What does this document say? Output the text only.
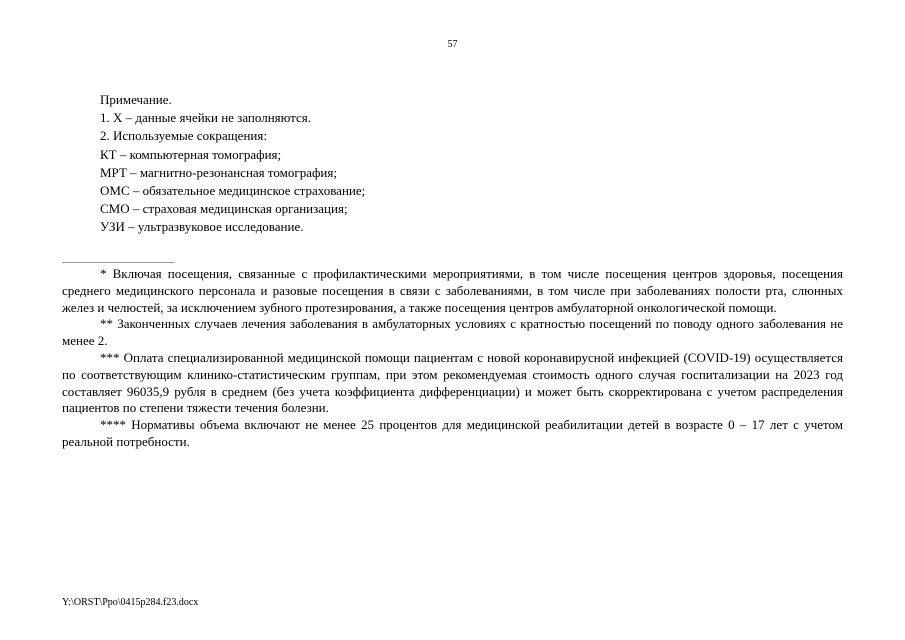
57
Примечание.
1. Х – данные ячейки не заполняются.
2. Используемые сокращения:
КТ – компьютерная томография;
МРТ – магнитно-резонансная томография;
ОМС – обязательное медицинское страхование;
СМО – страховая медицинская организация;
УЗИ – ультразвуковое исследование.

* Включая посещения, связанные с профилактическими мероприятиями, в том числе посещения центров здоровья, посещения среднего медицинского персонала и разовые посещения в связи с заболеваниями, в том числе при заболеваниях полости рта, слюнных желез и челюстей, за исключением зубного протезирования, а также посещения центров амбулаторной онкологической помощи.

** Законченных случаев лечения заболевания в амбулаторных условиях с кратностью посещений по поводу одного заболевания не менее 2.

*** Оплата специализированной медицинской помощи пациентам с новой коронавирусной инфекцией (COVID-19) осуществляется по соответствующим клинико-статистическим группам, при этом рекомендуемая стоимость одного случая госпитализации на 2023 год составляет 96035,9 рубля в среднем (без учета коэффициента дифференциации) и может быть скорректирована с учетом распределения пациентов по степени тяжести течения болезни.

**** Нормативы объема включают не менее 25 процентов для медицинской реабилитации детей в возрасте 0 – 17 лет с учетом реальной потребности.

Y:\ORST\Ppo\0415p284.f23.docx
